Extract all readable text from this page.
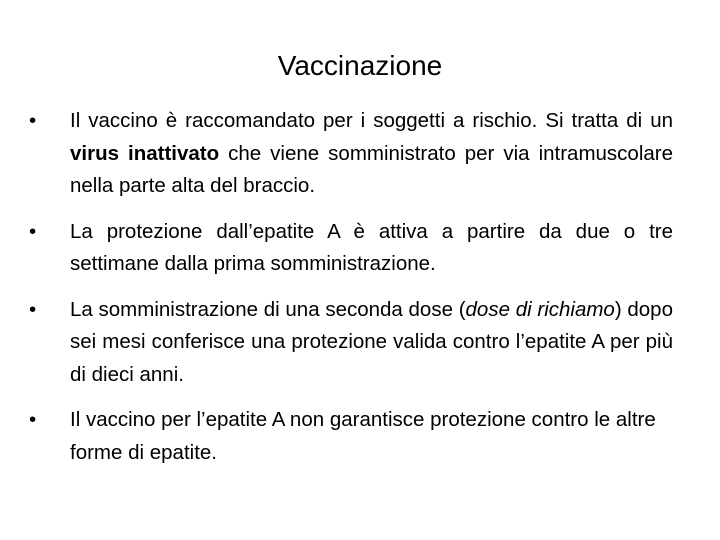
Vaccinazione
•	Il vaccino è raccomandato per i soggetti a rischio. Si tratta di un virus inattivato che viene somministrato per via intramuscolare nella parte alta del braccio.
•	La protezione dall’epatite A è attiva a partire da due o tre settimane dalla prima somministrazione.
•	La somministrazione di una seconda dose (dose di richiamo) dopo sei mesi conferisce una protezione valida contro l’epatite A per più di dieci anni.
•	Il vaccino per l’epatite A non garantisce protezione contro le altre forme di epatite.
